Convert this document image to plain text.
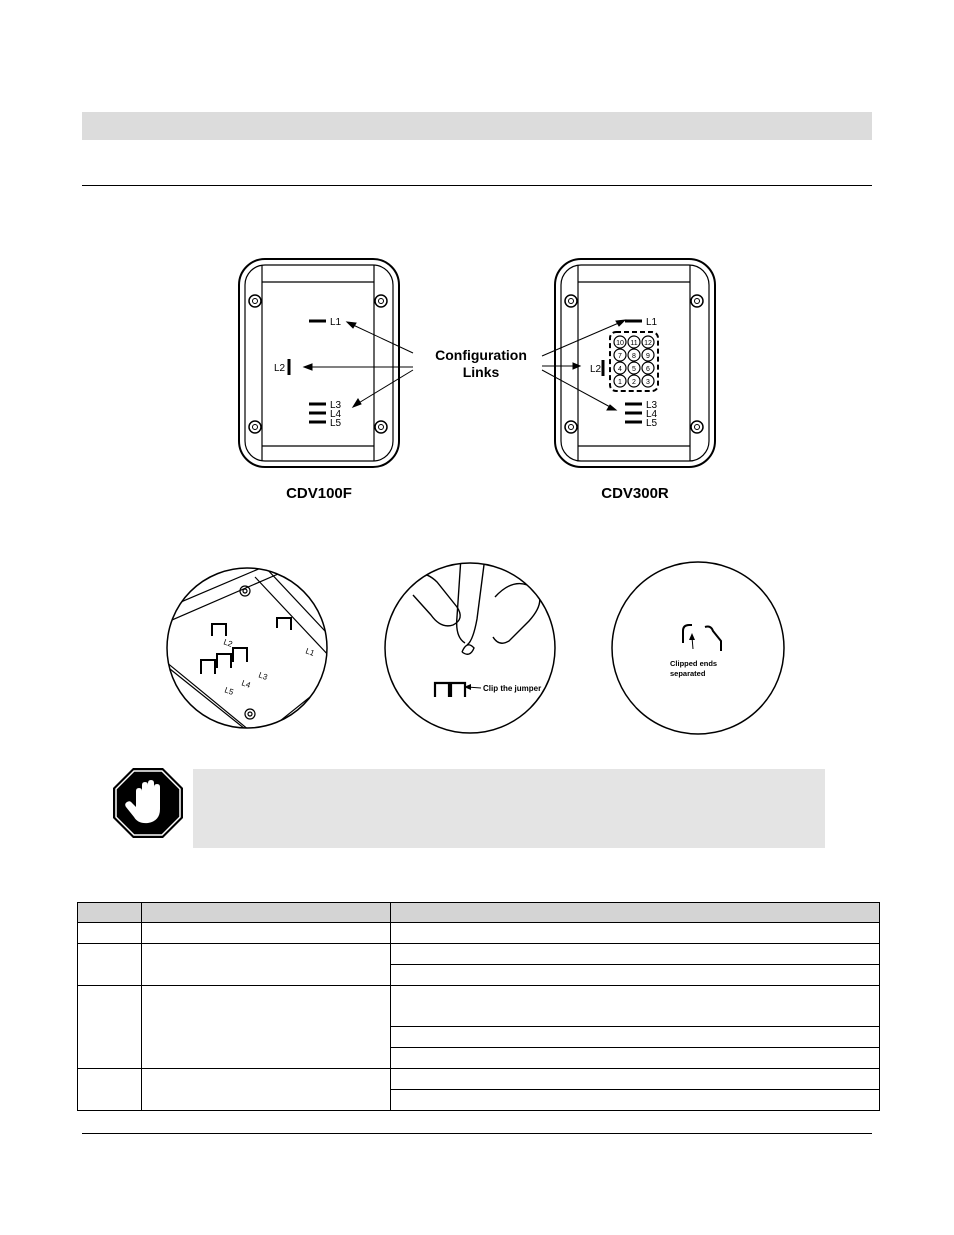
L1
L2
L3
L4
L5
L1
L2
10 11 12
7 8 9
4 5 6
1 2 3
L3
L4
L5
Configuration
Links
CDV100F	CDV300R
L2
L1
L3
L4
L5	Clip the jumper
Clipped ends
separated
